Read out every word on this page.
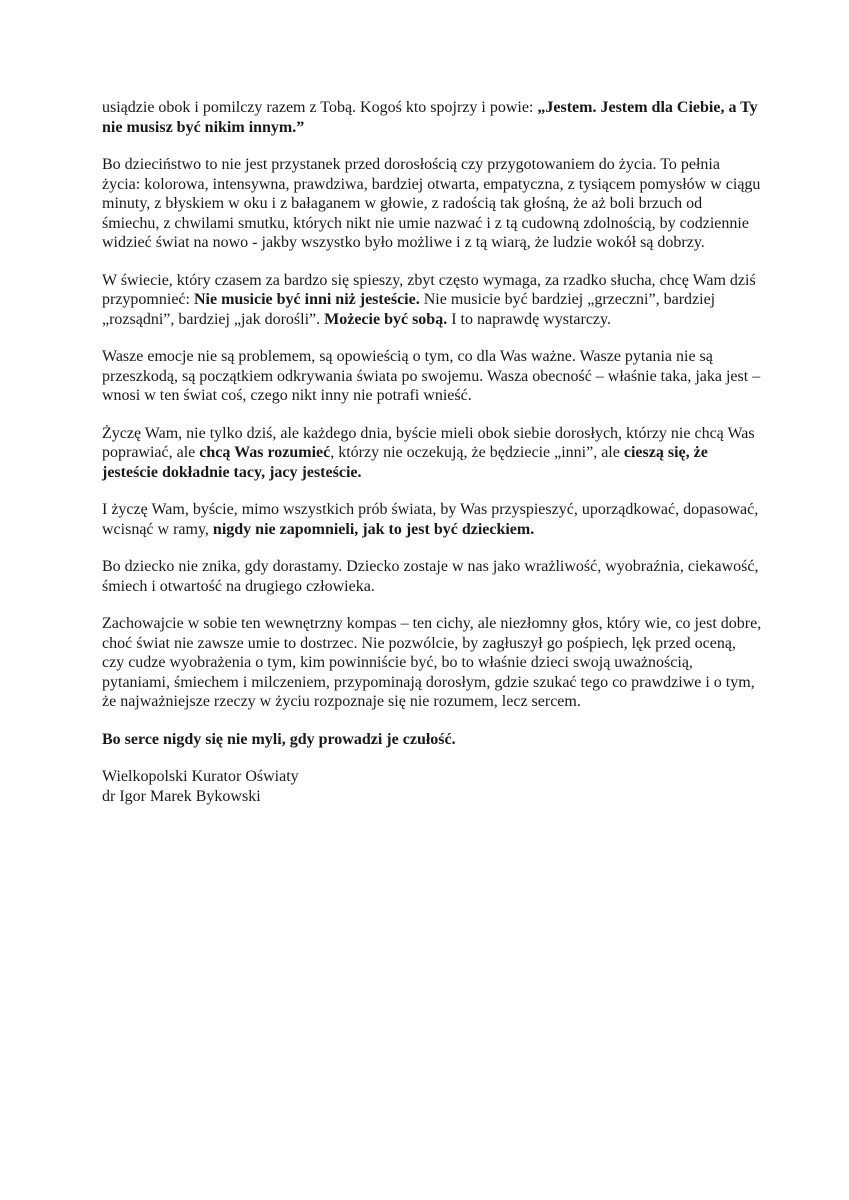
usiądzie obok i pomilczy razem z Tobą. Kogoś kto spojrzy i powie: „Jestem. Jestem dla Ciebie, a Ty nie musisz być nikim innym.”

Bo dzieciństwo to nie jest przystanek przed dorosłością czy przygotowaniem do życia. To pełnia życia: kolorowa, intensywna, prawdziwa, bardziej otwarta, empatyczna, z tysiącem pomysłów w ciągu minuty, z błyskiem w oku i z bałaganem w głowie, z radością tak głośną, że aż boli brzuch od śmiechu, z chwilami smutku, których nikt nie umie nazwać i z tą cudowną zdolnością, by codziennie widzieć świat na nowo - jakby wszystko było możliwe i z tą wiarą, że ludzie wokół są dobrzy.

W świecie, który czasem za bardzo się spieszy, zbyt często wymaga, za rzadko słucha, chcę Wam dziś przypomnieć: Nie musicie być inni niż jesteście. Nie musicie być bardziej „grzeczni”, bardziej „rozsądni”, bardziej „jak dorośli”. Możecie być sobą. I to naprawdę wystarczy.

Wasze emocje nie są problemem, są opowieścią o tym, co dla Was ważne. Wasze pytania nie są przeszkodą, są początkiem odkrywania świata po swojemu. Wasza obecność – właśnie taka, jaka jest – wnosi w ten świat coś, czego nikt inny nie potrafi wnieść.

Życzę Wam, nie tylko dziś, ale każdego dnia, byście mieli obok siebie dorosłych, którzy nie chcą Was poprawiać, ale chcą Was rozumieć, którzy nie oczekują, że będziecie „inni”, ale cieszą się, że jesteście dokładnie tacy, jacy jesteście.

I życzę Wam, byście, mimo wszystkich prób świata, by Was przyspieszyć, uporządkować, dopasować, wcisnąć w ramy, nigdy nie zapomnieli, jak to jest być dzieckiem.

Bo dziecko nie znika, gdy dorastamy. Dziecko zostaje w nas jako wrażliwość, wyobraźnia, ciekawość, śmiech i otwartość na drugiego człowieka.

Zachowajcie w sobie ten wewnętrzny kompas – ten cichy, ale niezłomny głos, który wie, co jest dobre, choć świat nie zawsze umie to dostrzec. Nie pozwólcie, by zagłuszył go pośpiech, lęk przed oceną, czy cudze wyobrażenia o tym, kim powinniście być, bo to właśnie dzieci swoją uważnością, pytaniami, śmiechem i milczeniem, przypominają dorosłym, gdzie szukać tego co prawdziwe i o tym, że najważniejsze rzeczy w życiu rozpoznaje się nie rozumem, lecz sercem.

Bo serce nigdy się nie myli, gdy prowadzi je czułość.

Wielkopolski Kurator Oświaty
dr Igor Marek Bykowski
